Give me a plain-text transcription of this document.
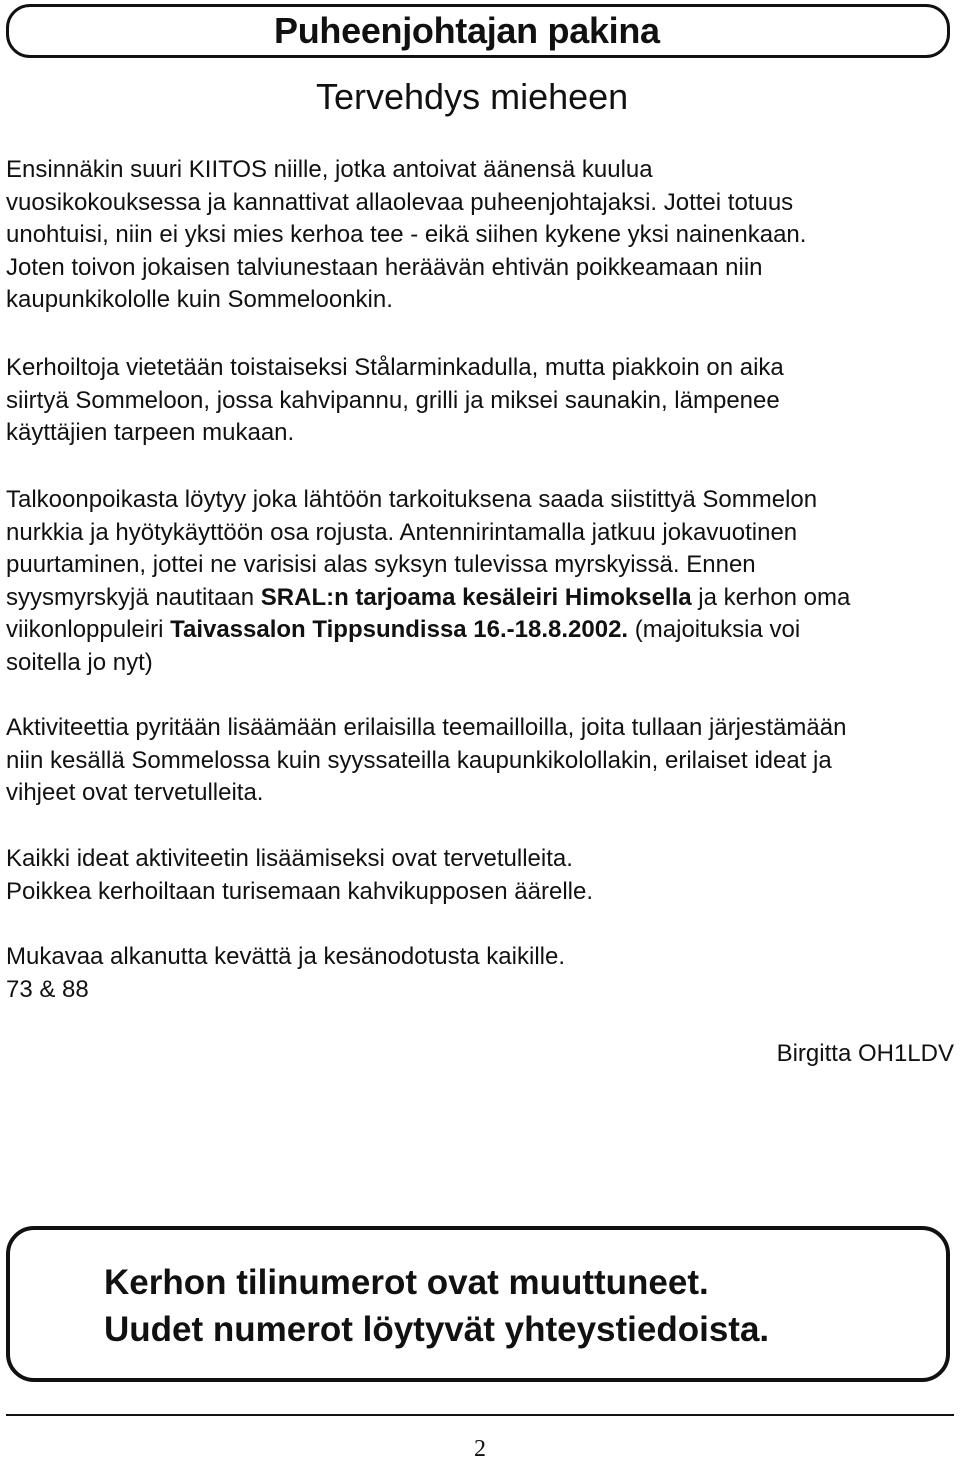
Puheenjohtajan pakina
Tervehdys mieheen
Ensinnäkin suuri KIITOS niille, jotka antoivat äänensä kuulua
vuosikokouksessa ja kannattivat allaolevaa puheenjohtajaksi. Jottei totuus
unohtuisi, niin ei yksi mies kerhoa tee - eikä siihen kykene yksi nainenkaan.
Joten toivon jokaisen talviunestaan heräävän ehtivän poikkeamaan niin
kaupunkikololle kuin Sommeloonkin.
Kerhoiltoja vietetään toistaiseksi Stålarminkadulla, mutta piakkoin on aika
siirtyä Sommeloon, jossa kahvipannu, grilli ja miksei saunakin, lämpenee
käyttäjien tarpeen mukaan.
Talkoonpoikasta löytyy joka lähtöön tarkoituksena saada siistittyä Sommelon
nurkkia ja hyötykäyttöön osa rojusta. Antennirintamalla jatkuu jokavuotinen
puurtaminen, jottei ne varisisi alas syksyn tulevissa myrskyissä. Ennen
syysmyrskyjä nautitaan SRAL:n tarjoama kesäleiri Himoksella ja kerhon oma
viikonloppuleiri Taivassalon Tippsundissa 16.-18.8.2002. (majoituksia voi
soitella jo nyt)
Aktiviteettia pyritään lisäämään erilaisilla teemailloilla, joita tullaan järjestämään
niin kesällä Sommelossa kuin syyssateilla kaupunkikolollakin, erilaiset ideat ja
vihjeet ovat tervetulleita.
Kaikki ideat aktiviteetin lisäämiseksi ovat tervetulleita.
Poikkea kerhoiltaan turisemaan kahvikupposen äärelle.
Mukavaa alkanutta kevättä ja kesänodotusta kaikille.
73 & 88
Birgitta OH1LDV
Kerhon tilinumerot ovat muuttuneet.
Uudet numerot löytyvät yhteystiedoista.
2
